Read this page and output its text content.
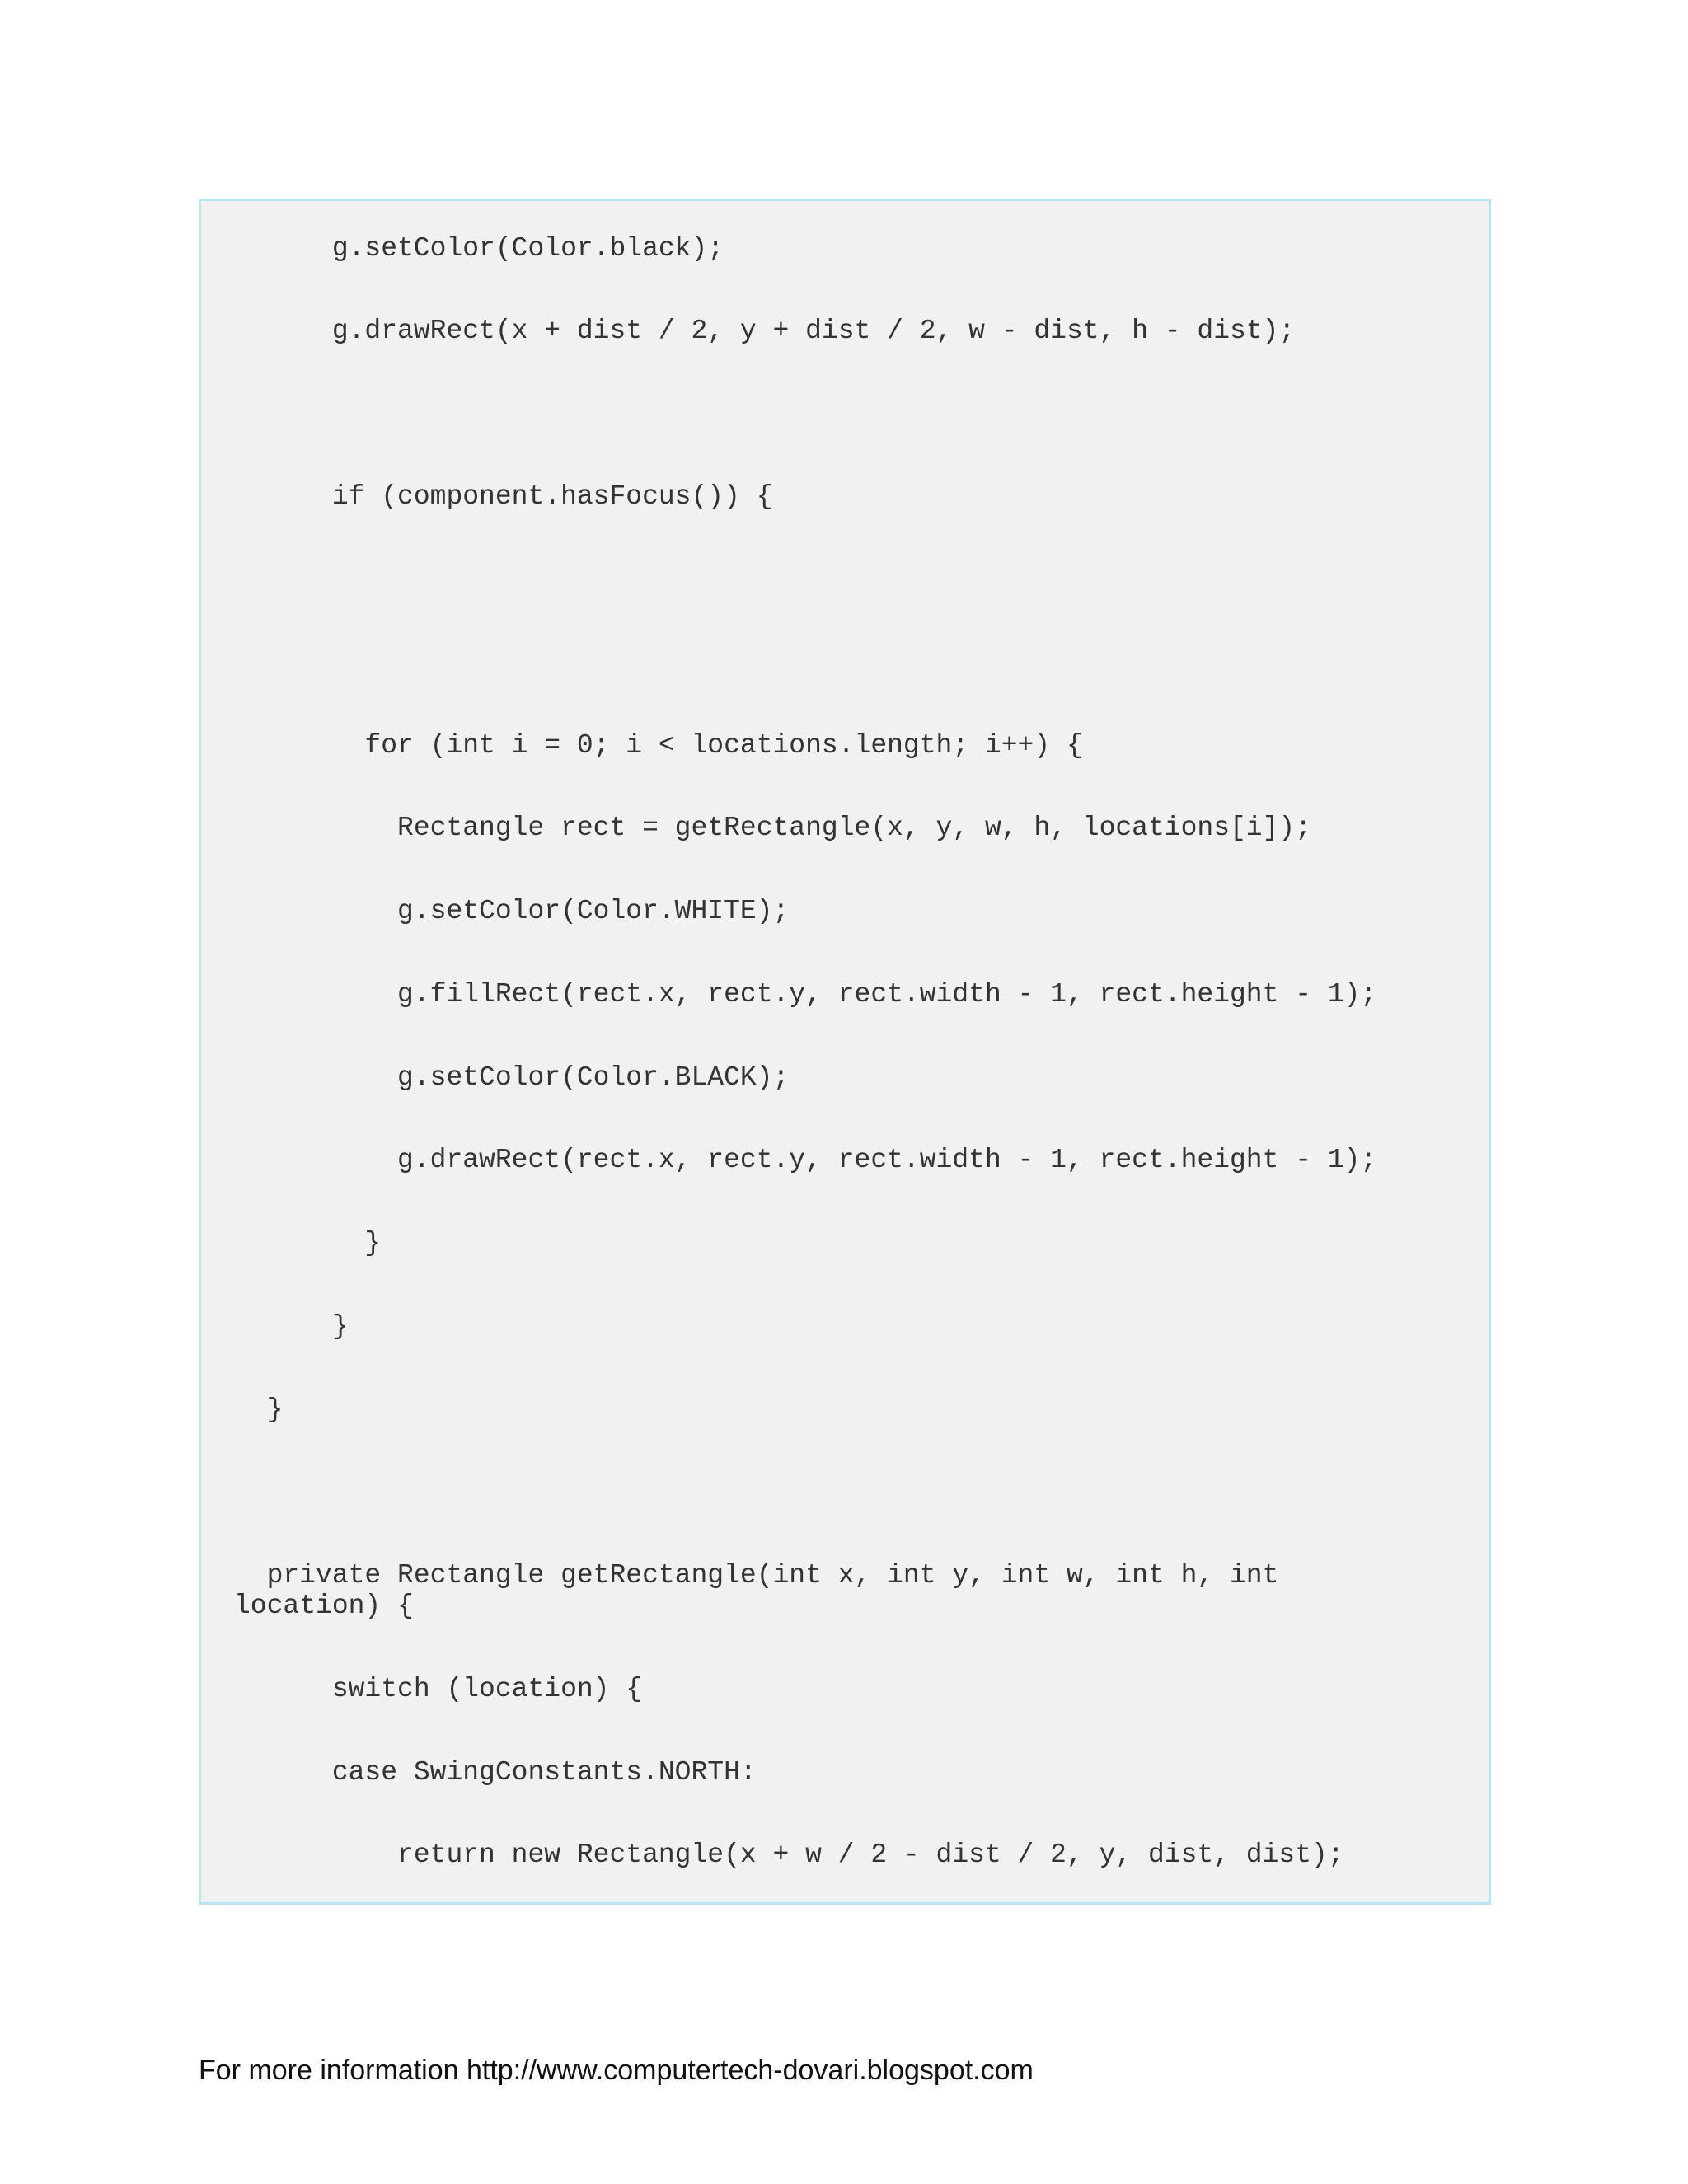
g.setColor(Color.black);
g.drawRect(x + dist / 2, y + dist / 2, w - dist, h - dist);
if (component.hasFocus()) {
for (int i = 0; i < locations.length; i++) {
Rectangle rect = getRectangle(x, y, w, h, locations[i]);
g.setColor(Color.WHITE);
g.fillRect(rect.x, rect.y, rect.width - 1, rect.height - 1);
g.setColor(Color.BLACK);
g.drawRect(rect.x, rect.y, rect.width - 1, rect.height - 1);
}
}
}
private Rectangle getRectangle(int x, int y, int w, int h, int
location) {
switch (location) {
case SwingConstants.NORTH:
return new Rectangle(x + w / 2 - dist / 2, y, dist, dist);
For more information http://www.computertech-dovari.blogspot.com
